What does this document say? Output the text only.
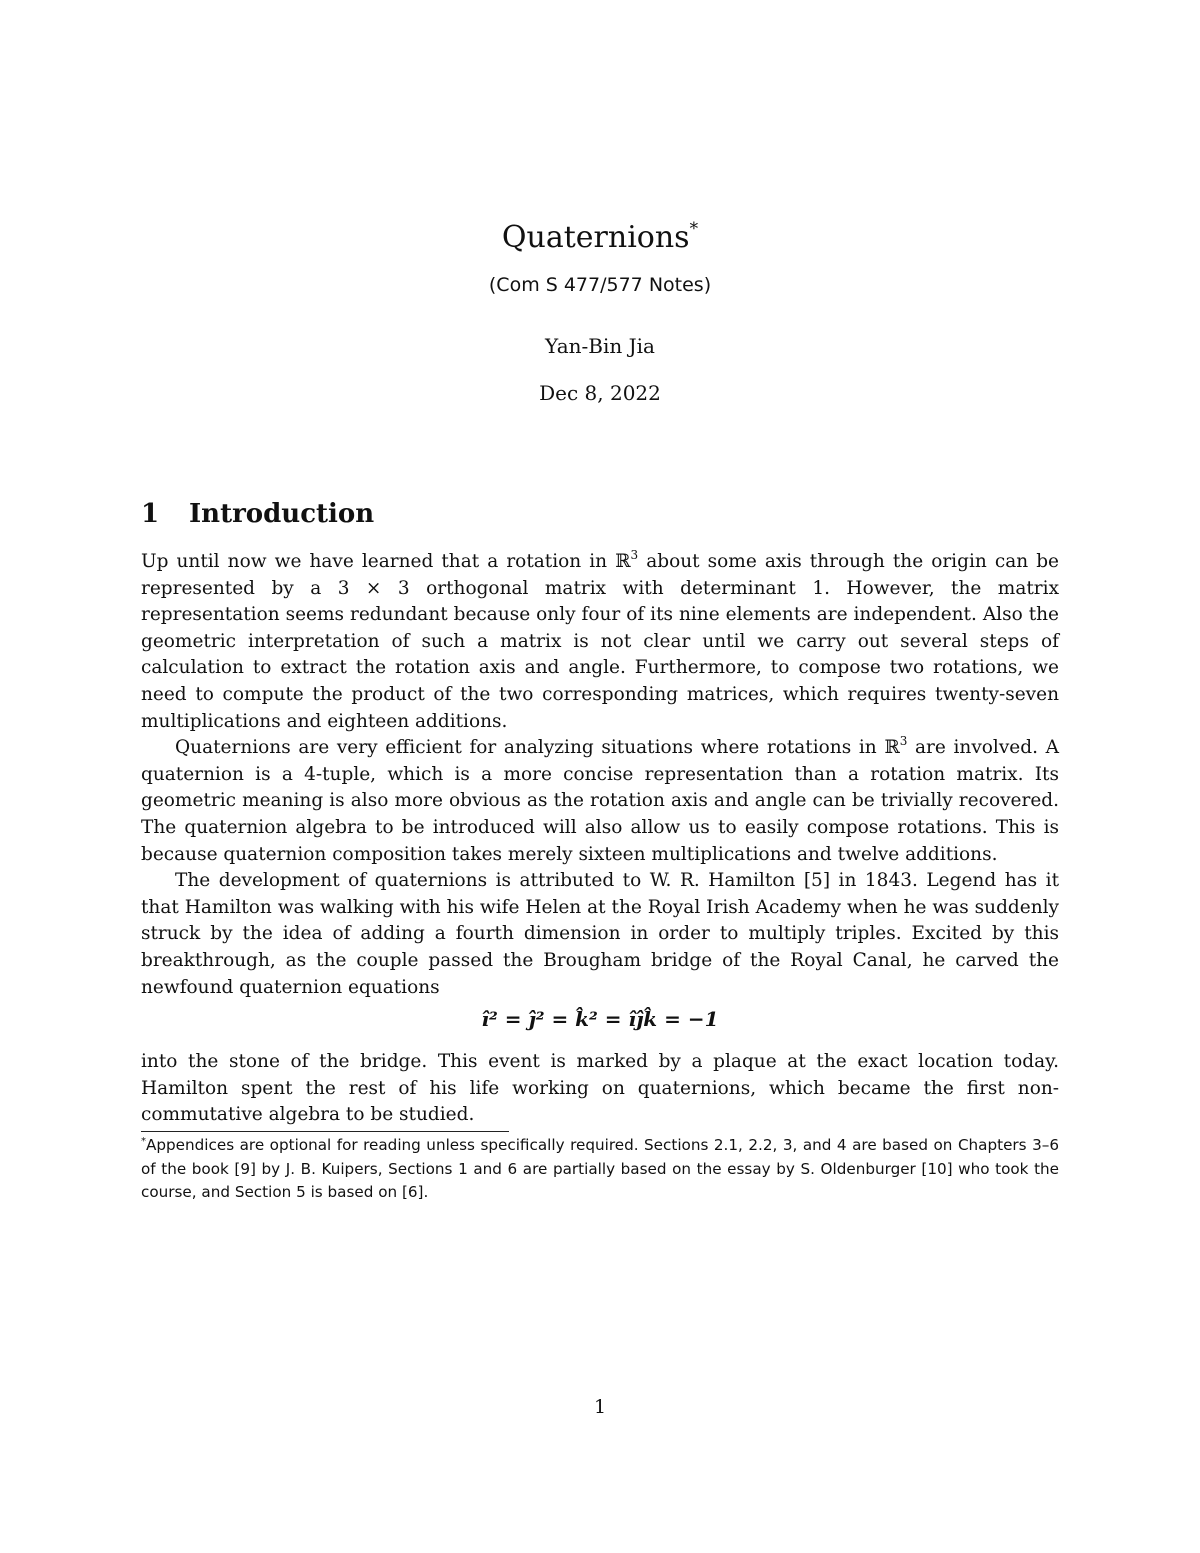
Quaternions*
(Com S 477/577 Notes)
Yan-Bin Jia
Dec 8, 2022
1 Introduction

Up until now we have learned that a rotation in ℝ$^3$ about some axis through the origin can be represented by a 3 × 3 orthogonal matrix with determinant 1. However, the matrix representation seems redundant because only four of its nine elements are independent. Also the geometric interpretation of such a matrix is not clear until we carry out several steps of calculation to extract the rotation axis and angle. Furthermore, to compose two rotations, we need to compute the product of the two corresponding matrices, which requires twenty-seven multiplications and eighteen additions.

Quaternions are very efficient for analyzing situations where rotations in ℝ$^3$ are involved. A quaternion is a 4-tuple, which is a more concise representation than a rotation matrix. Its geometric meaning is also more obvious as the rotation axis and angle can be trivially recovered. The quaternion algebra to be introduced will also allow us to easily compose rotations. This is because quaternion composition takes merely sixteen multiplications and twelve additions.

The development of quaternions is attributed to W. R. Hamilton [5] in 1843. Legend has it that Hamilton was walking with his wife Helen at the Royal Irish Academy when he was suddenly struck by the idea of adding a fourth dimension in order to multiply triples. Excited by this breakthrough, as the couple passed the Brougham bridge of the Royal Canal, he carved the newfound quaternion equations

î² = ĵ² = k̂² = îĵk̂ = −1

into the stone of the bridge. This event is marked by a plaque at the exact location today. Hamilton spent the rest of his life working on quaternions, which became the first non-commutative algebra to be studied.

*Appendices are optional for reading unless specifically required. Sections 2.1, 2.2, 3, and 4 are based on Chapters 3–6 of the book [9] by J. B. Kuipers, Sections 1 and 6 are partially based on the essay by S. Oldenburger [10] who took the course, and Section 5 is based on [6].
1
